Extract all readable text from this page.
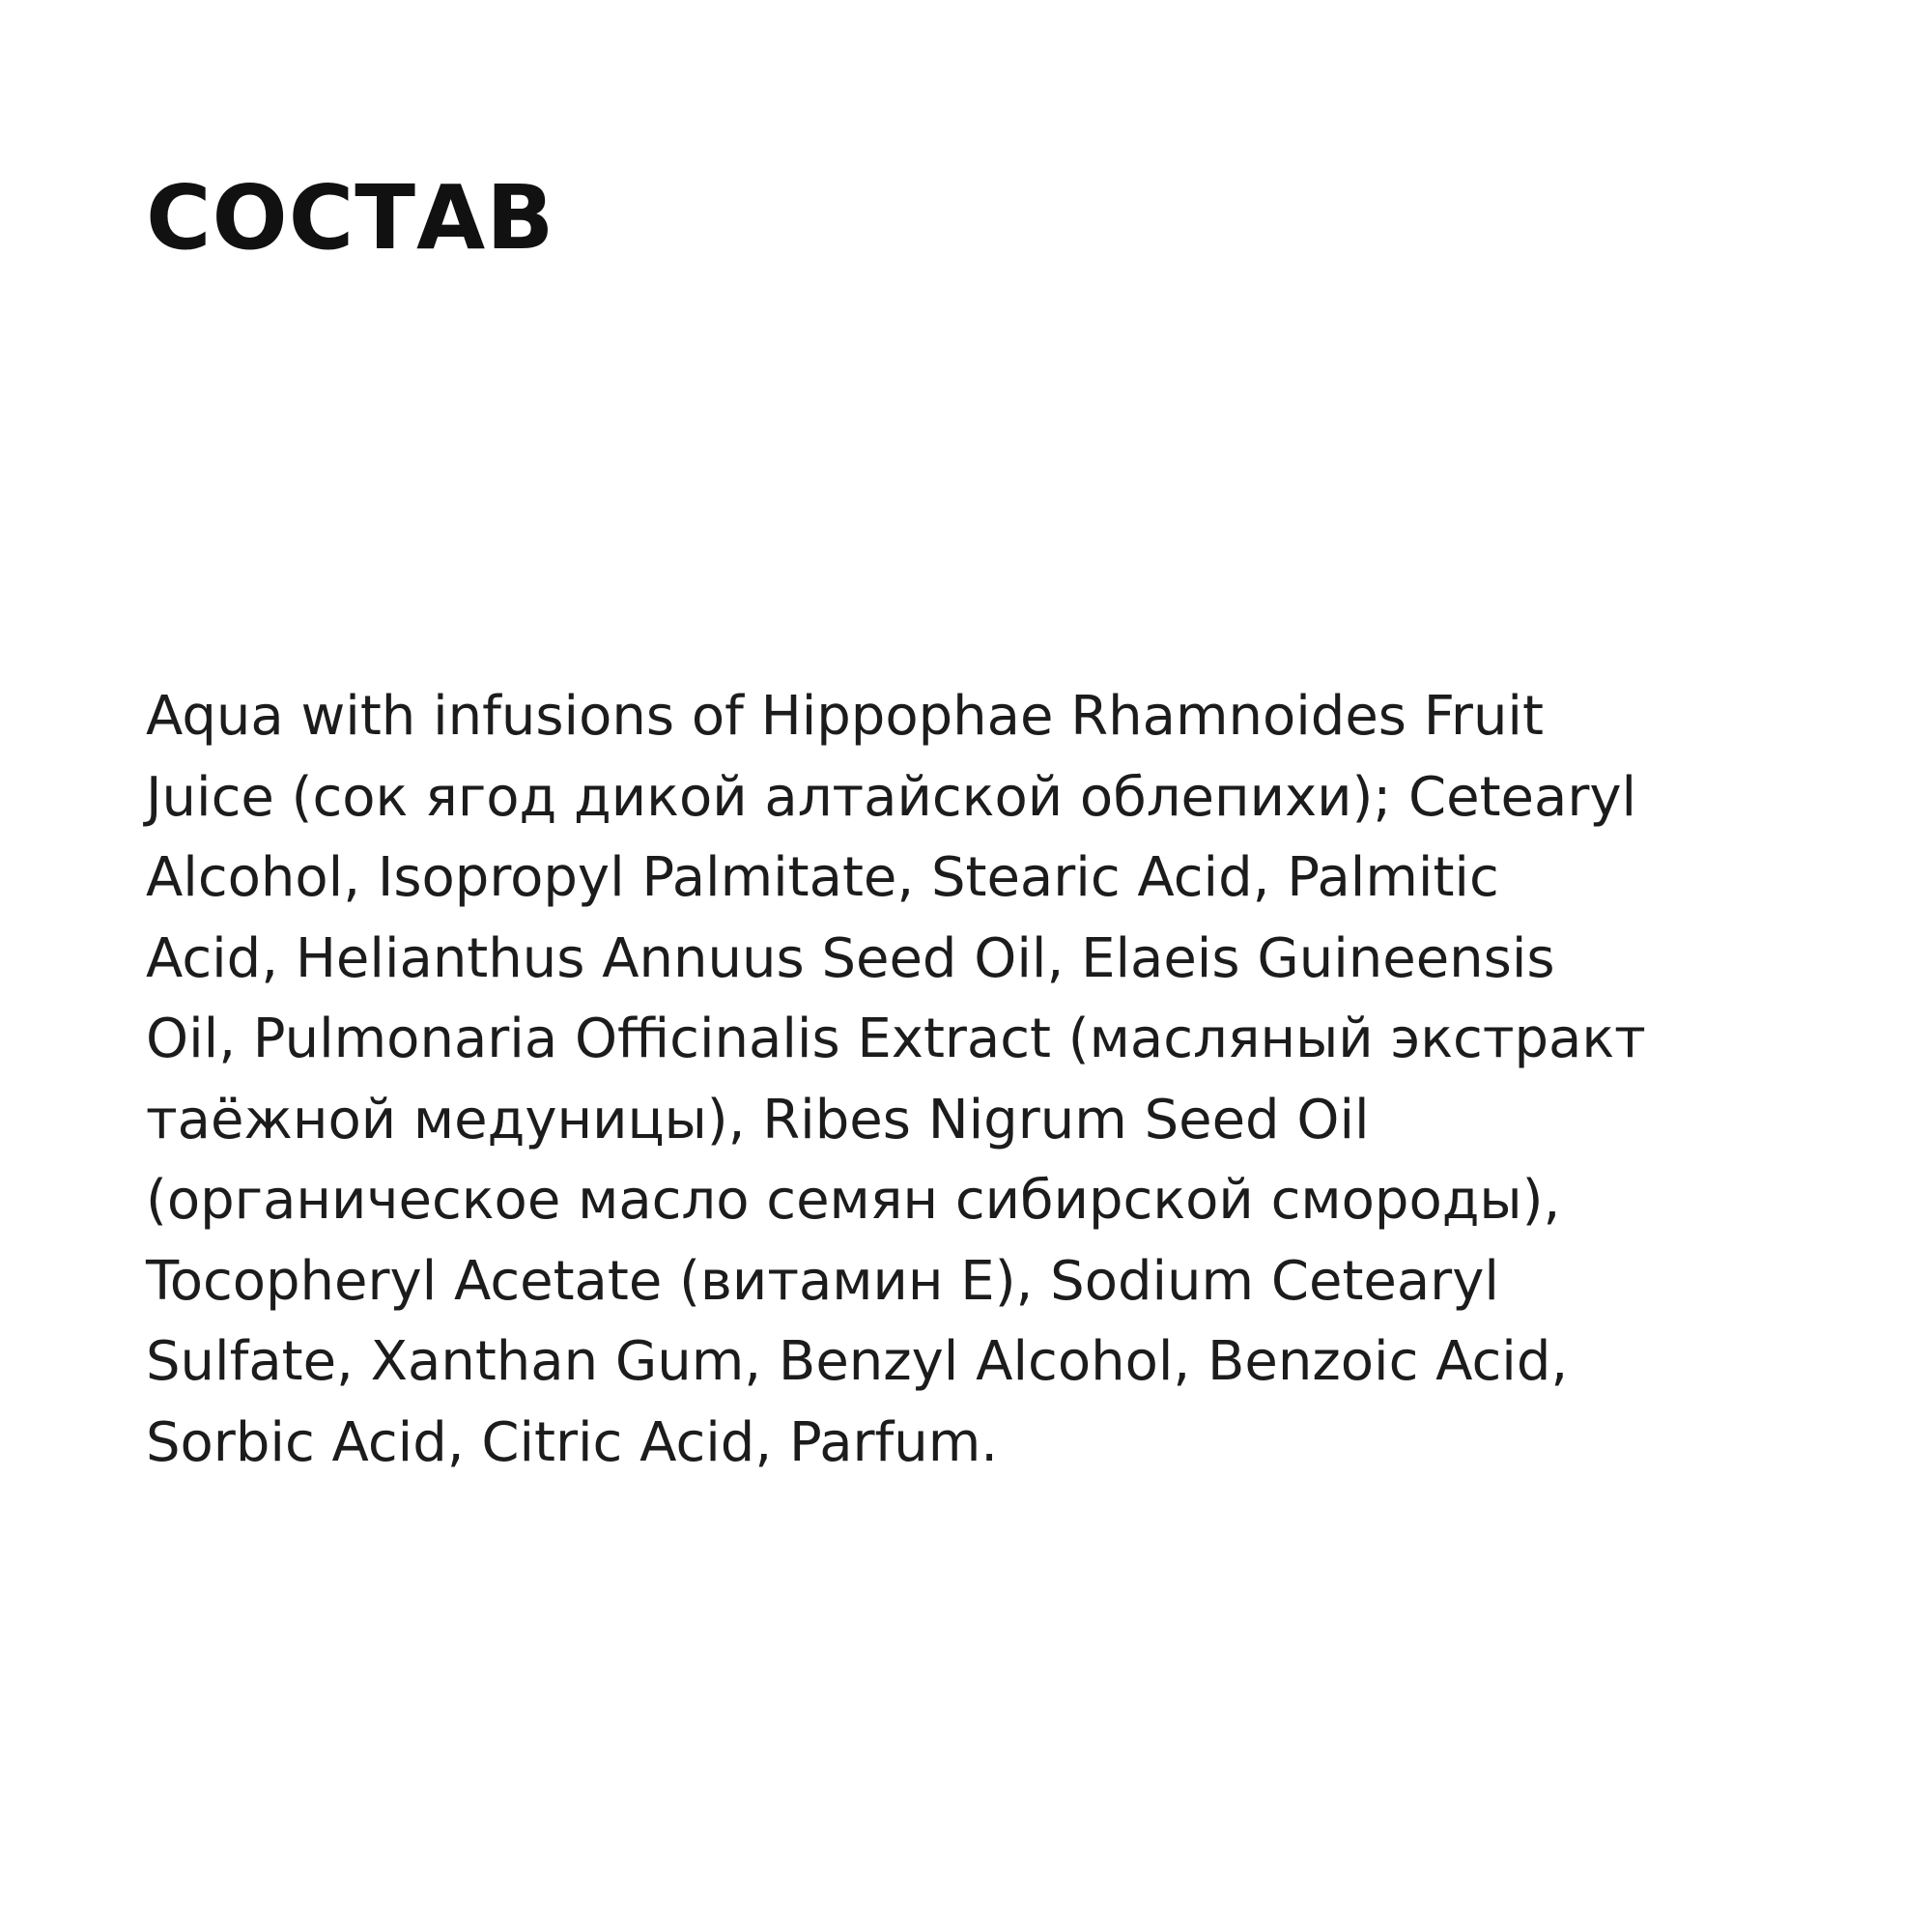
СОСТАВ

Aqua with infusions of Hippophae Rhamnoides Fruit
Juice (сок ягод дикой алтайской облепихи); Cetearyl
Alcohol, Isopropyl Palmitate, Stearic Acid, Palmitic
Acid, Helianthus Annuus Seed Oil, Elaeis Guineensis
Oil, Pulmonaria Officinalis Extract (масляный экстракт
таёжной медуницы), Ribes Nigrum Seed Oil
(органическое масло семян сибирской смороды),
Tocopheryl Acetate (витамин E), Sodium Cetearyl
Sulfate, Xanthan Gum, Benzyl Alcohol, Benzoic Acid,
Sorbic Acid, Citric Acid, Parfum.
